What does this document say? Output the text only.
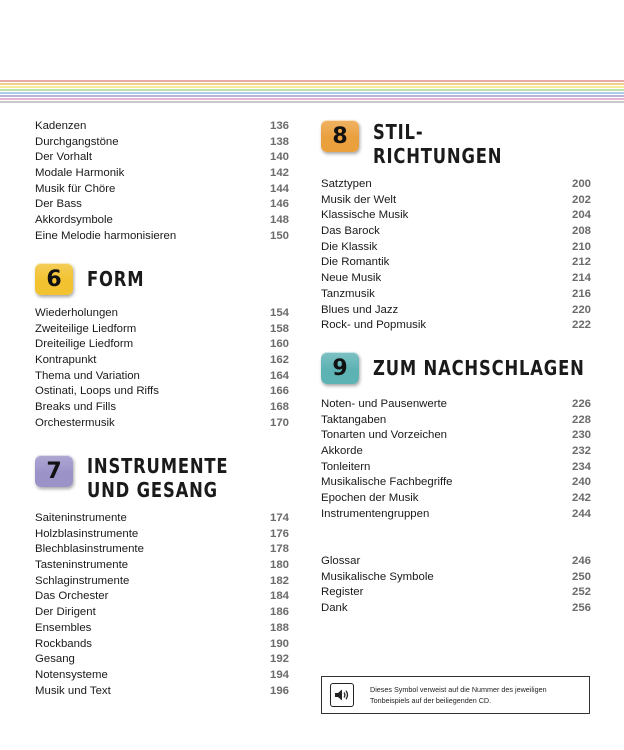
Kadenzen	136
Durchgangstöne	138
Der Vorhalt	140
Modale Harmonik	142
Musik für Chöre	144
Der Bass	146
Akkordsymbole	148
Eine Melodie harmonisieren	150
6	FORM
Wiederholungen	154
Zweiteilige Liedform	158
Dreiteilige Liedform	160
Kontrapunkt	162
Thema und Variation	164
Ostinati, Loops und Riffs	166
Breaks und Fills	168
Orchestermusik	170
7	INSTRUMENTE
UND GESANG
Saiteninstrumente	174
Holzblasinstrumente	176
Blechblasinstrumente	178
Tasteninstrumente	180
Schlaginstrumente	182
Das Orchester	184
Der Dirigent	186
Ensembles	188
Rockbands	190
Gesang	192
Notensysteme	194
Musik und Text	196
8	STIL-
RICHTUNGEN
Satztypen	200
Musik der Welt	202
Klassische Musik	204
Das Barock	208
Die Klassik	210
Die Romantik	212
Neue Musik	214
Tanzmusik	216
Blues und Jazz	220
Rock- und Popmusik	222
9	ZUM NACHSCHLAGEN
Noten- und Pausenwerte	226
Taktangaben	228
Tonarten und Vorzeichen	230
Akkorde	232
Tonleitern	234
Musikalische Fachbegriffe	240
Epochen der Musik	242
Instrumentengruppen	244
Glossar	246
Musikalische Symbole	250
Register	252
Dank	256
Dieses Symbol verweist auf die Nummer des jeweiligen
Tonbeispiels auf der beiliegenden CD.
